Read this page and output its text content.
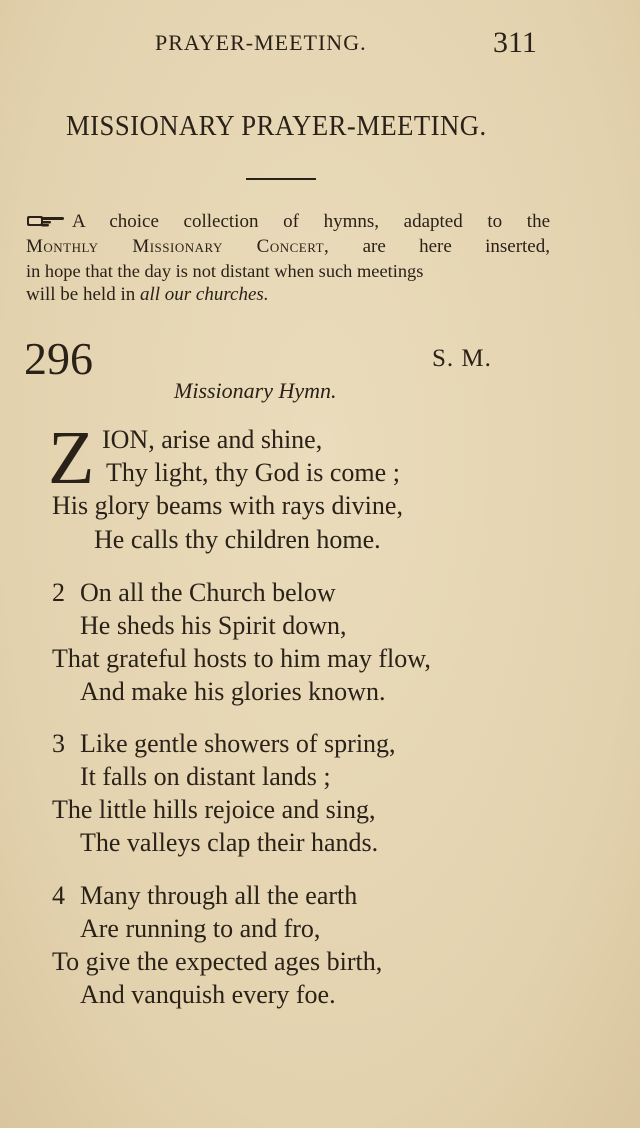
PRAYER-MEETING.	311
MISSIONARY PRAYER-MEETING.
A choice collection of hymns, adapted to the
Monthly Missionary Concert, are here inserted,
in hope that the day is not distant when such meetings
will be held in all our churches.
296	S. M.
Missionary Hymn.
Z ION, arise and shine,
Thy light, thy God is come ;
His glory beams with rays divine,
He calls thy children home.
2 On all the Church below
He sheds his Spirit down,
That grateful hosts to him may flow,
And make his glories known.
3 Like gentle showers of spring,
It falls on distant lands ;
The little hills rejoice and sing,
The valleys clap their hands.
4 Many through all the earth
Are running to and fro,
To give the expected ages birth,
And vanquish every foe.
